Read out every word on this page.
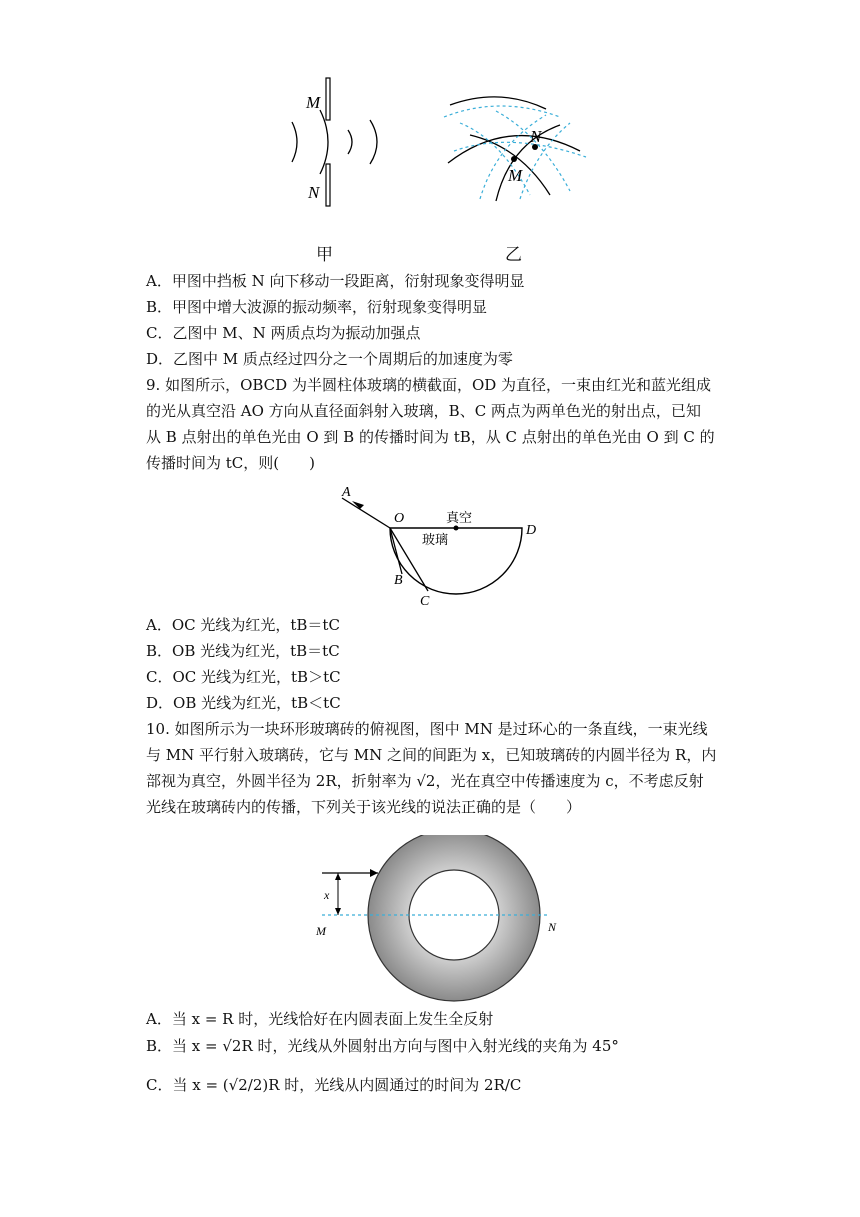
M
N
N
M
甲	乙
A．甲图中挡板 N 向下移动一段距离，衍射现象变得明显
B．甲图中增大波源的振动频率，衍射现象变得明显
C．乙图中 M、N 两质点均为振动加强点
D．乙图中 M 质点经过四分之一个周期后的加速度为零
9. 如图所示，OBCD 为半圆柱体玻璃的横截面，OD 为直径，一束由红光和蓝光组成
的光从真空沿 AO 方向从直径面斜射入玻璃，B、C 两点为两单色光的射出点，已知
从 B 点射出的单色光由 O 到 B 的传播时间为 tB，从 C 点射出的单色光由 O 到 C 的
传播时间为 tC，则(　　)
A
O	真空
D
玻璃
B
C
A．OC 光线为红光，tB＝tC
B．OB 光线为红光，tB＝tC
C．OC 光线为红光，tB＞tC
D．OB 光线为红光，tB＜tC
10. 如图所示为一块环形玻璃砖的俯视图，图中 MN 是过环心的一条直线，一束光线
与 MN 平行射入玻璃砖，它与 MN 之间的间距为 x，已知玻璃砖的内圆半径为 R，内
部视为真空，外圆半径为 2R，折射率为 √2，光在真空中传播速度为 c，不考虑反射
光线在玻璃砖内的传播，下列关于该光线的说法正确的是（　　）
x
M	N
A．当 x = R 时，光线恰好在内圆表面上发生全反射
B．当 x = √2R 时，光线从外圆射出方向与图中入射光线的夹角为 45°
C．当 x = (√2/2)R 时，光线从内圆通过的时间为 2R/C
